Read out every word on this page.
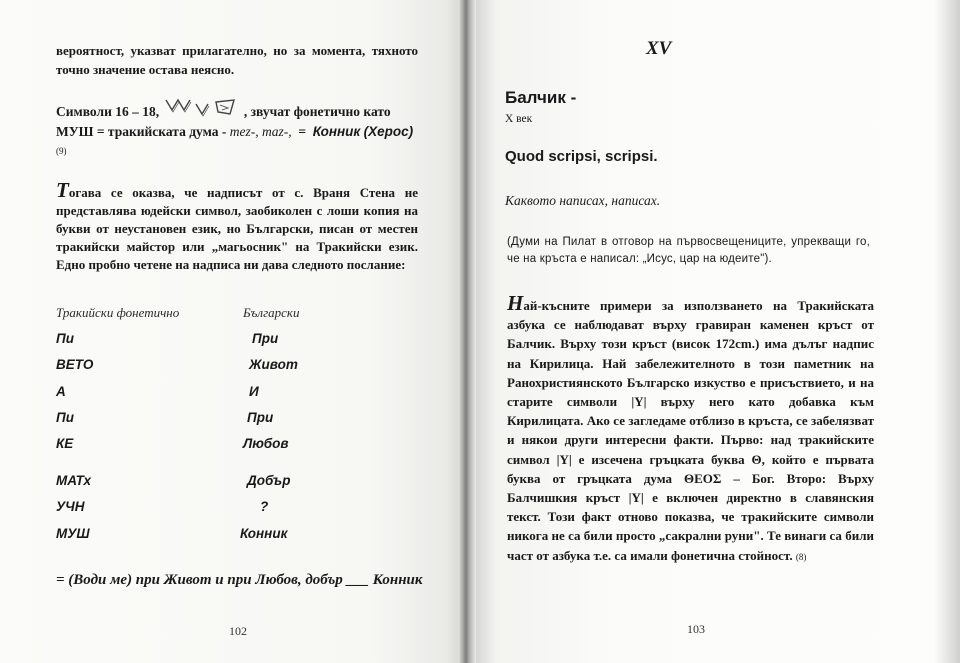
вероятност, указват прилагателно, но за момента, тяхното точно значение остава неясно.
Символи 16 – 18,	, звучат фонетично като МУШ = тракийската дума - mez-, maz-, = Конник (Херос) (9)
Тогава се оказва, че надписът от с. Враня Стена не представлява юдейски символ, заобиколен с лоши копия на букви от неустановен език, но Български, писан от местен тракийски майстор или „магьосник" на Тракийски език. Едно пробно четене на надписа ни дава следното послание:
Тракийски фонетично	Български
Пи	При
ВЕТО	Живот
А	И
Пи	При
КЕ	Любов
МАТх	Добър
УЧН	?
МУШ	Конник
= (Води ме) при Живот и при Любов, добър ___ Конник
102
XV
Балчик -
X век
Quod scripsi, scripsi.
Каквото написах, написах.
(Думи на Пилат в отговор на първосвещениците, упрекващи го, че на кръста е написал: „Исус, цар на юдеите").
Най-късните примери за използването на Тракийската азбука се наблюдават върху гравиран каменен кръст от Балчик. Върху този кръст (висок 172cm.) има дълъг надпис на Кирилица. Най забележителното в този паметник на Ранохристиянското Българско изкуство е присъствието, и на старите символи |Y| върху него като добавка към Кирилицата. Ако се загледаме отблизо в кръста, се забелязват и някои други интересни факти. Първо: над тракийските символ |Y| е изсечена гръцката буква Θ, който е първата буква от гръцката дума ΘΕΟΣ – Бог. Второ: Върху Балчишкия кръст |Y| е включен директно в славянския текст. Този факт отново показва, че тракийските символи никога не са били просто „сакрални руни". Те винаги са били част от азбука т.е. са имали фонетична стойност. (8)
103
